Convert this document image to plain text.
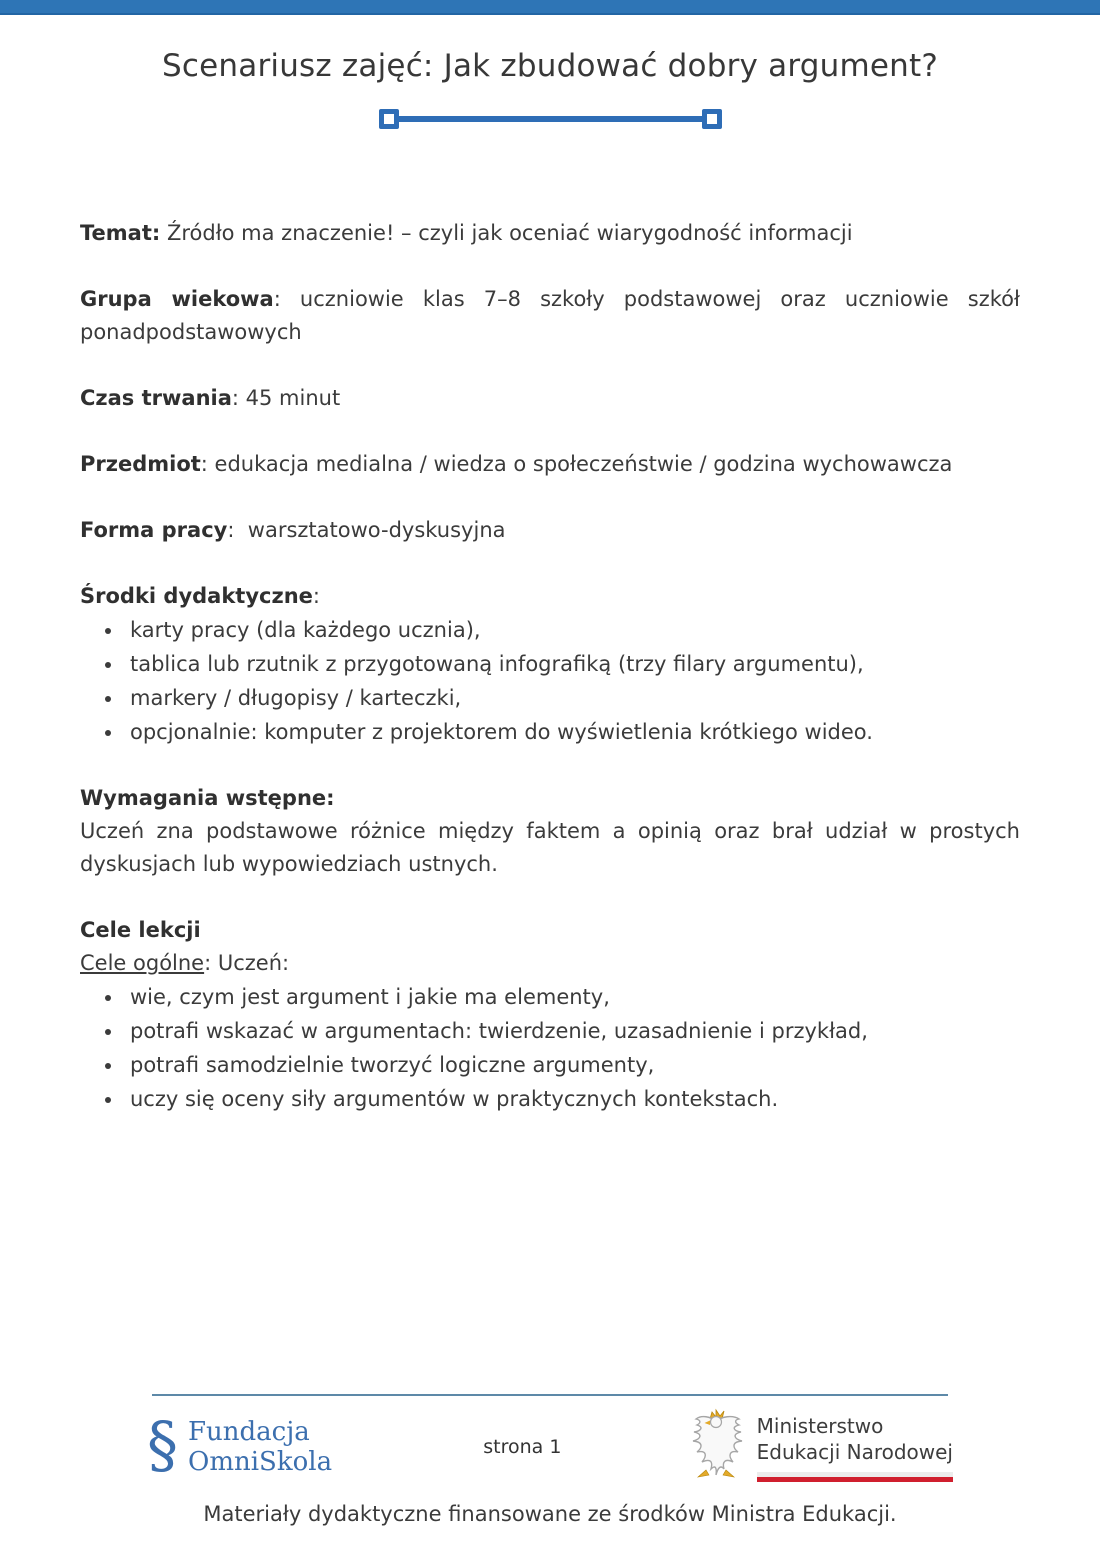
Scenariusz zajęć: Jak zbudować dobry argument?

Temat: Źródło ma znaczenie! – czyli jak oceniać wiarygodność informacji

Grupa wiekowa: uczniowie klas 7–8 szkoły podstawowej oraz uczniowie szkół ponadpodstawowych

Czas trwania: 45 minut

Przedmiot: edukacja medialna / wiedza o społeczeństwie / godzina wychowawcza

Forma pracy:  warsztatowo-dyskusyjna

Środki dydaktyczne:

• karty pracy (dla każdego ucznia),
• tablica lub rzutnik z przygotowaną infografiką (trzy filary argumentu),
• markery / długopisy / karteczki,
• opcjonalnie: komputer z projektorem do wyświetlenia krótkiego wideo.

Wymagania wstępne:

Uczeń zna podstawowe różnice między faktem a opinią oraz brał udział w prostych dyskusjach lub wypowiedziach ustnych.

Cele lekcji

Cele ogólne: Uczeń:

• wie, czym jest argument i jakie ma elementy,
• potrafi wskazać w argumentach: twierdzenie, uzasadnienie i przykład,
• potrafi samodzielnie tworzyć logiczne argumenty,
• uczy się oceny siły argumentów w praktycznych kontekstach.
§ Fundacja
OmniSkola	strona 1
Ministerstwo
Edukacji Narodowej
Materiały dydaktyczne finansowane ze środków Ministra Edukacji.
